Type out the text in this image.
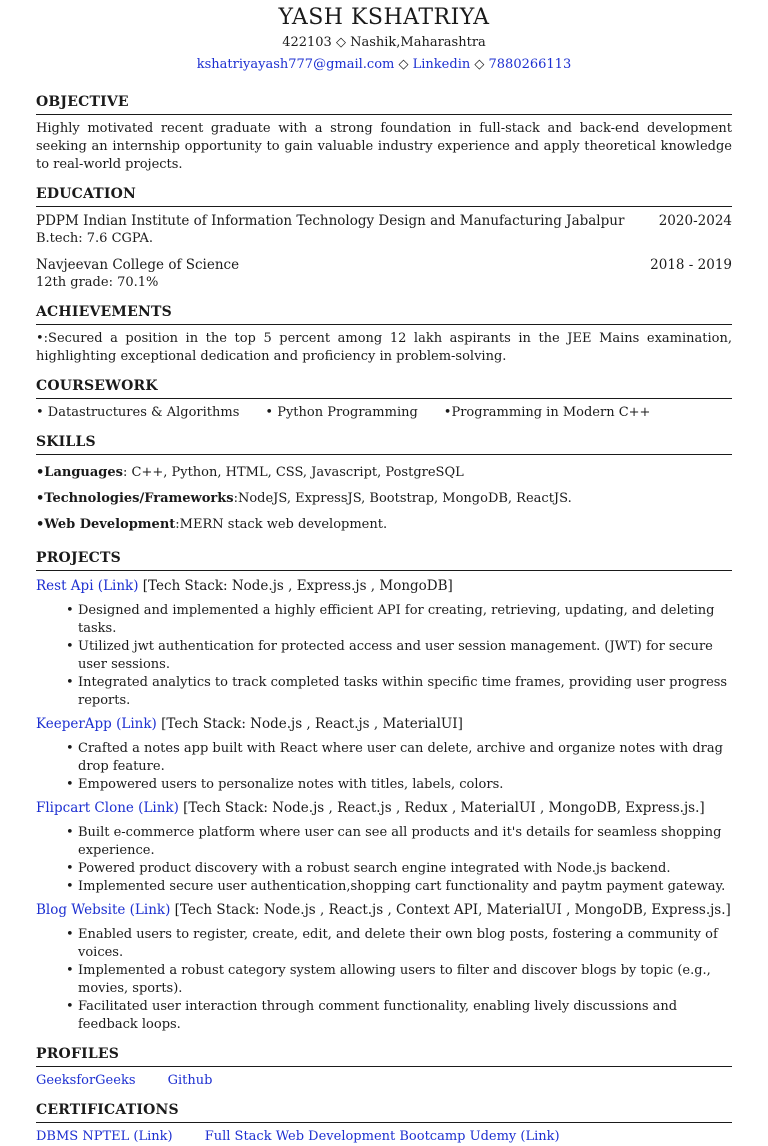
YASH KSHATRIYA
422103 ◇ Nashik,Maharashtra
kshatriyayash777@gmail.com ◇ Linkedin ◇ 7880266113
OBJECTIVE
Highly motivated recent graduate with a strong foundation in full-stack and back-end development seeking an internship opportunity to gain valuable industry experience and apply theoretical knowledge to real-world projects.
EDUCATION
PDPM Indian Institute of Information Technology Design and Manufacturing Jabalpur	2020-2024
B.tech: 7.6 CGPA.
Navjeevan College of Science	2018 - 2019
12th grade: 70.1%
ACHIEVEMENTS
•:Secured a position in the top 5 percent among 12 lakh aspirants in the JEE Mains examination, highlighting exceptional dedication and proficiency in problem-solving.
COURSEWORK
• Datastructures & Algorithms • Python Programming •Programming in Modern C++
SKILLS
•Languages: C++, Python, HTML, CSS, Javascript, PostgreSQL
•Technologies/Frameworks:NodeJS, ExpressJS, Bootstrap, MongoDB, ReactJS.
•Web Development:MERN stack web development.
PROJECTS
Rest Api (Link) [Tech Stack: Node.js , Express.js , MongoDB]
• Designed and implemented a highly efficient API for creating, retrieving, updating, and deleting tasks.
• Utilized jwt authentication for protected access and user session management. (JWT) for secure user sessions.
• Integrated analytics to track completed tasks within specific time frames, providing user progress reports.
KeeperApp (Link) [Tech Stack: Node.js , React.js , MaterialUI]
• Crafted a notes app built with React where user can delete, archive and organize notes with drag drop feature.
• Empowered users to personalize notes with titles, labels, colors.
Flipcart Clone (Link) [Tech Stack: Node.js , React.js , Redux , MaterialUI , MongoDB, Express.js.]
• Built e-commerce platform where user can see all products and it's details for seamless shopping experience.
• Powered product discovery with a robust search engine integrated with Node.js backend.
• Implemented secure user authentication,shopping cart functionality and paytm payment gateway.
Blog Website (Link) [Tech Stack: Node.js , React.js , Context API, MaterialUI , MongoDB, Express.js.]
• Enabled users to register, create, edit, and delete their own blog posts, fostering a community of voices.
• Implemented a robust category system allowing users to filter and discover blogs by topic (e.g., movies, sports).
• Facilitated user interaction through comment functionality, enabling lively discussions and feedback loops.
PROFILES
GeeksforGeeks Github
CERTIFICATIONS
DBMS NPTEL (Link) Full Stack Web Development Bootcamp Udemy (Link)
